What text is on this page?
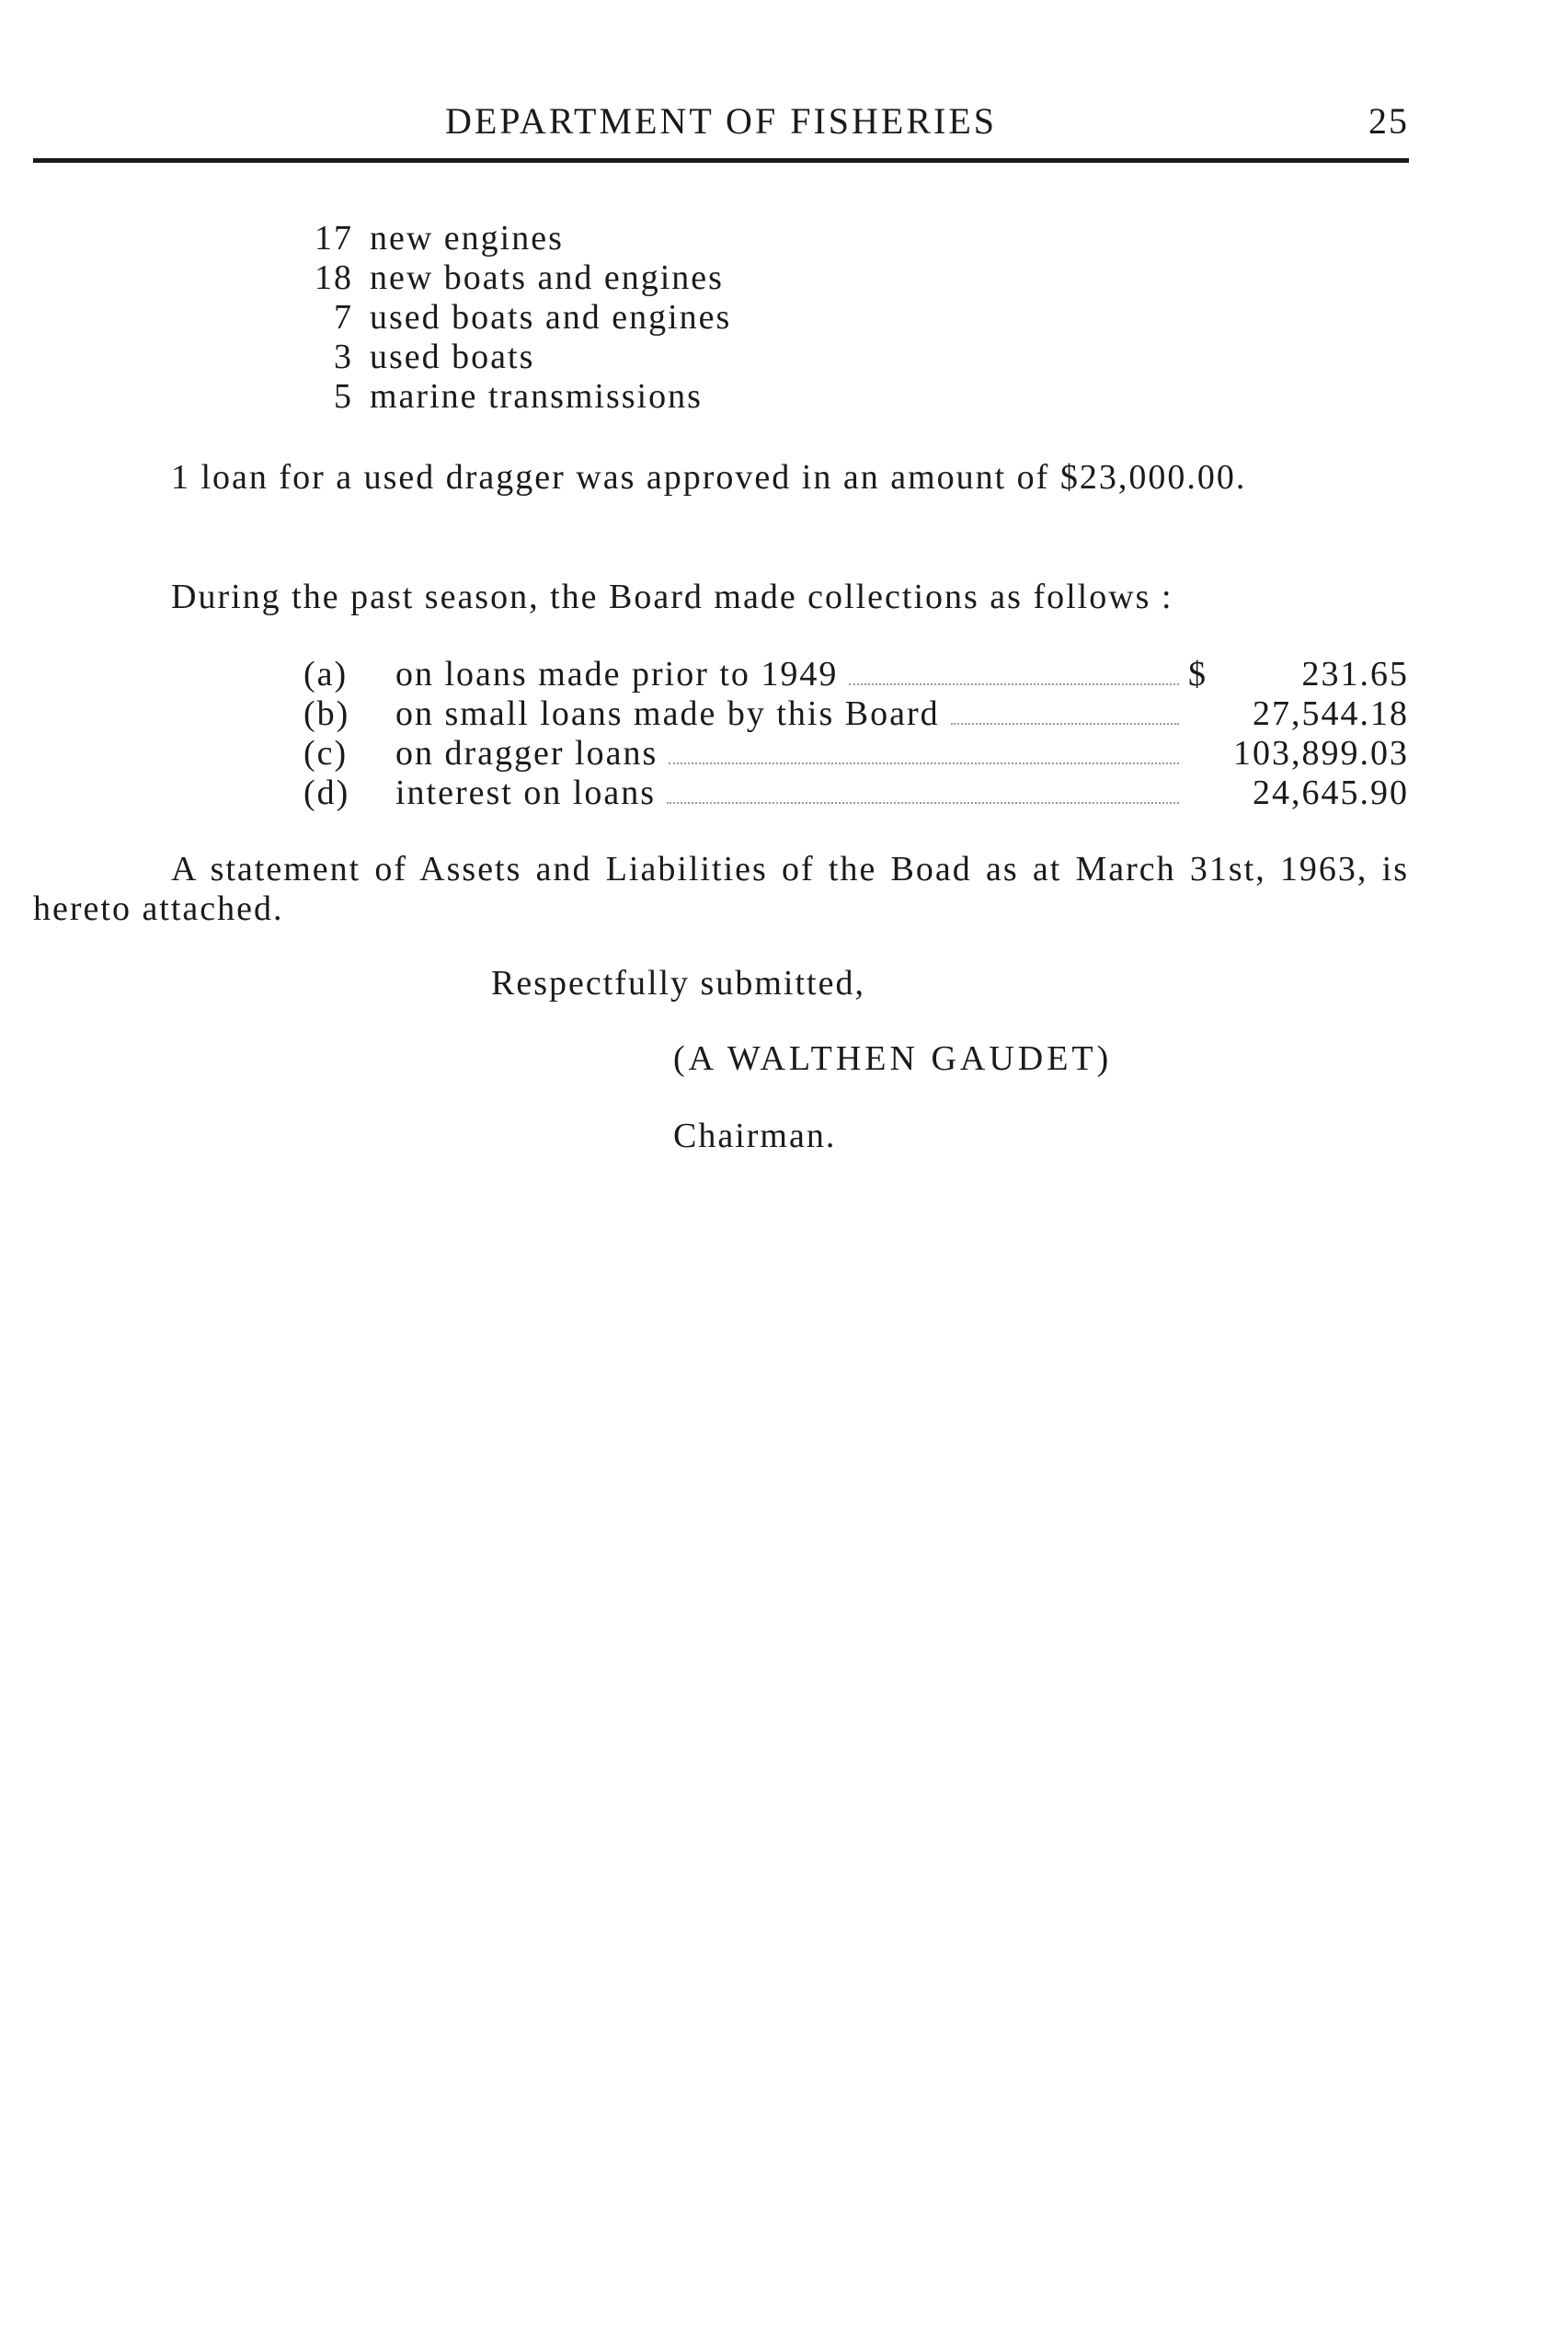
DEPARTMENT OF FISHERIES	25
17 new engines
18 new boats and engines
7 used boats and engines
3 used boats
5 marine transmissions

1 loan for a used dragger was approved in an amount of $23,000.00.

During the past season, the Board made collections as follows :

(a)	on loans made prior to 1949	$	231.65
(b)	on small loans made by this Board	27,544.18
(c)	on dragger loans	103,899.03
(d)	interest on loans	24,645.90

A statement of Assets and Liabilities of the Boad as at March 31st, 1963, is hereto attached.

Respectfully submitted,
(A WALTHEN GAUDET)
Chairman.
